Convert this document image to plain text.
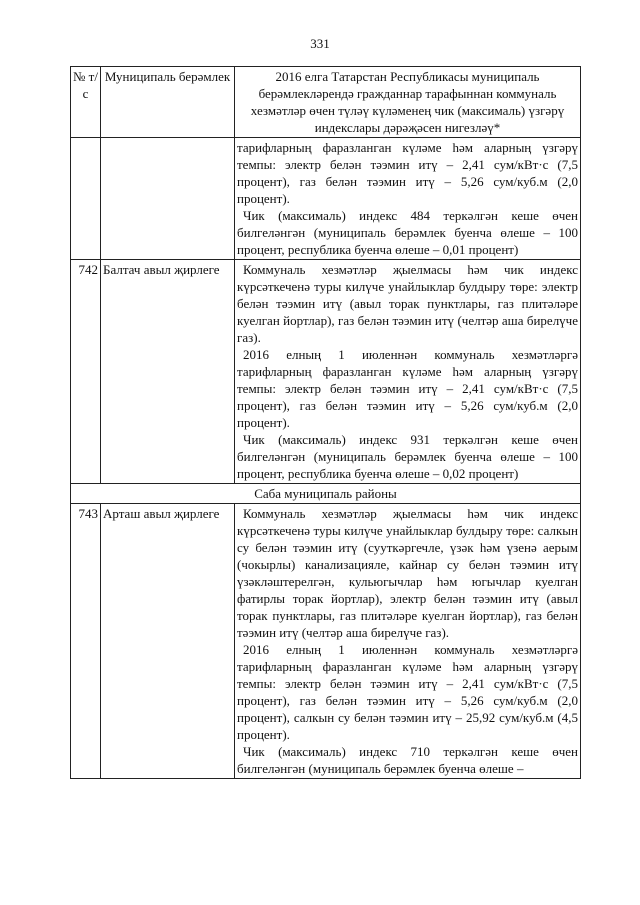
331
№ т/с	Муниципаль берәмлек	2016 елга Татарстан Республикасы муниципаль берәмлекләрендә гражданнар тарафыннан коммуналь хезмәтләр өчен түләү күләменең чик (максималь) үзгәрү индекслары дәрәҗәсен нигезләү*

		тарифларның фаразланган күләме һәм аларның үзгәрү темпы: электр белән тәэмин итү – 2,41 сум/кВт·с (7,5 процент), газ белән тәэмин итү – 5,26 сум/куб.м (2,0 процент).

Чик (максималь) индекс 484 теркәлгән кеше өчен билгеләнгән (муниципаль берәмлек буенча өлеше – 100 процент, республика буенча өлеше – 0,01 процент)

742	Балтач авыл җирлеге	Коммуналь хезмәтләр җыелмасы һәм чик индекс күрсәткеченә туры килүче унайлыклар булдыру төре: электр белән тәэмин итү (авыл торак пунктлары, газ плитәләре куелган йортлар), газ белән тәэмин итү (челтәр аша бирелүче газ).

2016 елның 1 июленнән коммуналь хезмәтләргә тарифларның фаразланган күләме һәм аларның үзгәрү темпы: электр белән тәэмин итү – 2,41 сум/кВт·с (7,5 процент), газ белән тәэмин итү – 5,26 сум/куб.м (2,0 процент).

Чик (максималь) индекс 931 теркәлгән кеше өчен билгеләнгән (муниципаль берәмлек буенча өлеше – 100 процент, республика буенча өлеше – 0,02 процент)

Саба муниципаль районы		
743	Арташ авыл җирлеге	Коммуналь хезмәтләр җыелмасы һәм чик индекс күрсәткеченә туры килүче унайлыклар булдыру төре: салкын су белән тәэмин итү (сууткәргечле, үзәк һәм үзенә аерым (чокырлы) канализацияле, кайнар су белән тәэмин итү үзәкләштерелгән, кульюгычлар һәм югычлар куелган фатирлы торак йортлар), электр белән тәэмин итү (авыл торак пунктлары, газ плитәләре куелган йортлар), газ белән тәэмин итү (челтәр аша бирелүче газ).

2016 елның 1 июленнән коммуналь хезмәтләргә тарифларның фаразланган күләме һәм аларның үзгәрү темпы: электр белән тәэмин итү – 2,41 сум/кВт·с (7,5 процент), газ белән тәэмин итү – 5,26 сум/куб.м (2,0 процент), салкын су белән тәэмин итү – 25,92 сум/куб.м (4,5 процент).

Чик (максималь) индекс 710 теркәлгән кеше өчен билгеләнгән (муниципаль берәмлек буенча өлеше –
